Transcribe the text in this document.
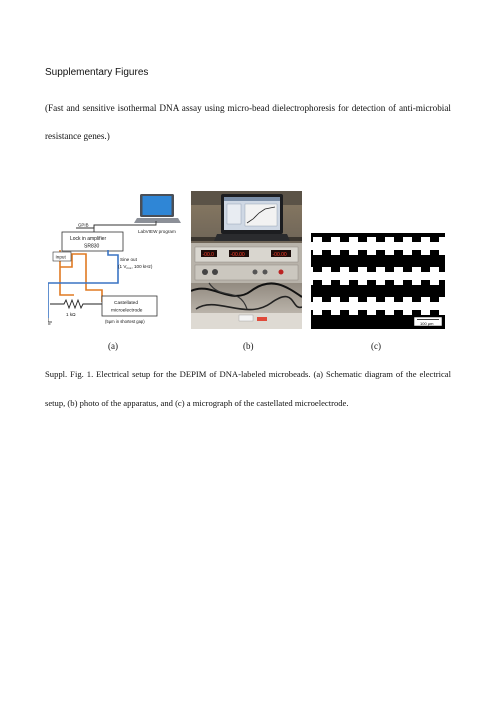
Supplementary Figures
(Fast and sensitive isothermal DNA assay using micro-bead dielectrophoresis for detection of anti-microbial resistance genes.)
LabVIEW program
GPIB
Lock in amplifier
SR830
Input	Sine out
(1 $V_{rms}$, 100 kHz)
1 kΩ
Castellated
microelectrode
(5μm in shortest gap)
-00.0	-00.00	-00.00
100 μm
(a)	(b)	(c)
Suppl. Fig. 1. Electrical setup for the DEPIM of DNA-labeled microbeads. (a) Schematic diagram of the electrical setup, (b) photo of the apparatus, and (c) a micrograph of the castellated microelectrode.
